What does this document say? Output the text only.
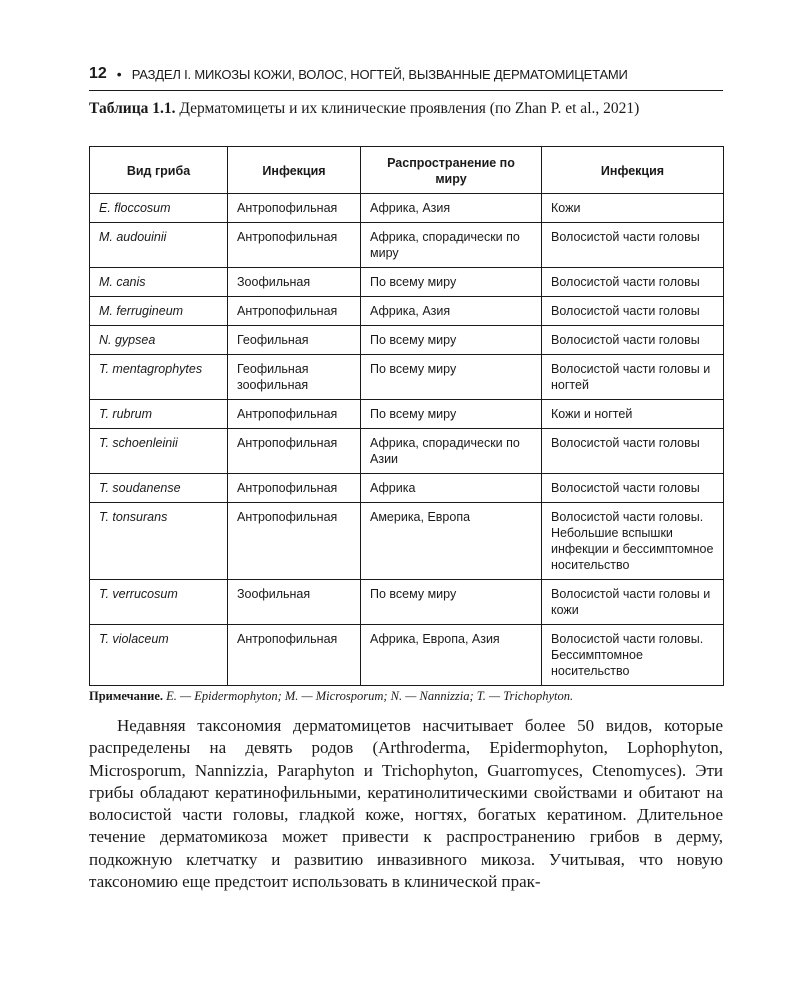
12 • РАЗДЕЛ I. МИКОЗЫ КОЖИ, ВОЛОС, НОГТЕЙ, ВЫЗВАННЫЕ ДЕРМАТОМИЦЕТАМИ
Таблица 1.1. Дерматомицеты и их клинические проявления (по Zhan P. et al., 2021)
Вид гриба	Инфекция	Распространение по миру	Инфекция
E. floccosum	Антропофильная	Африка, Азия	Кожи
M. audouinii	Антропофильная	Африка, спорадически по миру	Волосистой части головы
M. canis	Зоофильная	По всему миру	Волосистой части головы
M. ferrugineum	Антропофильная	Африка, Азия	Волосистой части головы
N. gypsea	Геофильная	По всему миру	Волосистой части головы
T. mentagrophytes	Геофильная зоофильная	По всему миру	Волосистой части головы и ногтей
T. rubrum	Антропофильная	По всему миру	Кожи и ногтей
T. schoenleinii	Антропофильная	Африка, спорадически по Азии	Волосистой части головы
T. soudanense	Антропофильная	Африка	Волосистой части головы
T. tonsurans	Антропофильная	Америка, Европа	Волосистой части головы. Небольшие вспышки инфекции и бессимптомное носительство
T. verrucosum	Зоофильная	По всему миру	Волосистой части головы и кожи
T. violaceum	Антропофильная	Африка, Европа, Азия	Волосистой части головы. Бессимптомное носительство
Примечание. E. — Epidermophyton; M. — Microsporum; N. — Nannizzia; T. — Trichophyton.

Недавняя таксономия дерматомицетов насчитывает более 50 видов, которые распределены на девять родов (Arthroderma, Epidermophyton, Lophophyton, Microsporum, Nannizzia, Paraphyton и Trichophyton, Guarromyces, Ctenomyces). Эти грибы обладают кератинофильными, кератинолитическими свойствами и обитают на волосистой части головы, гладкой коже, ногтях, богатых кератином. Длительное течение дерматомикоза может привести к распространению грибов в дерму, подкожную клетчатку и развитию инвазивного микоза. Учитывая, что новую таксономию еще предстоит использовать в клинической прак-
